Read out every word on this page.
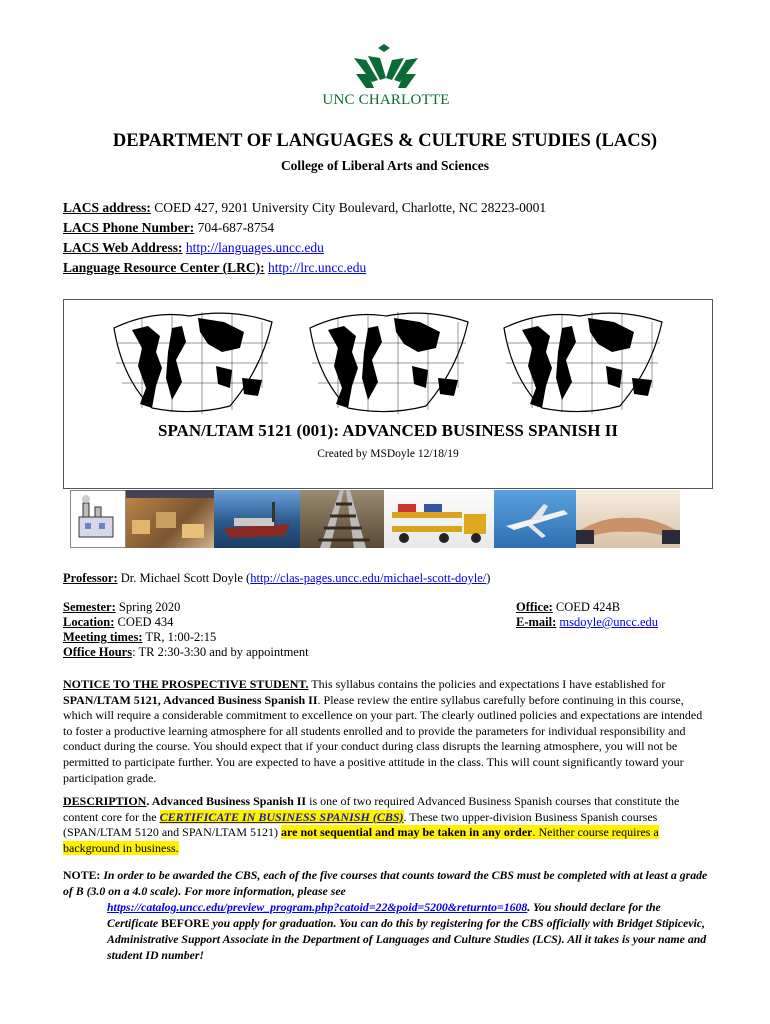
UNC CHARLOTTE
DEPARTMENT OF LANGUAGES & CULTURE STUDIES (LACS)
College of Liberal Arts and Sciences
LACS address: COED 427, 9201 University City Boulevard, Charlotte, NC 28223-0001
LACS Phone Number: 704-687-8754
LACS Web Address: http://languages.uncc.edu
Language Resource Center (LRC): http://lrc.uncc.edu
SPAN/LTAM 5121 (001): ADVANCED BUSINESS SPANISH II
Created by MSDoyle 12/18/19
Professor: Dr. Michael Scott Doyle (http://clas-pages.uncc.edu/michael-scott-doyle/)
Semester: Spring 2020
Location: COED 434
Meeting times: TR, 1:00-2:15
Office Hours: TR 2:30-3:30 and by appointment
Office: COED 424B
E-mail: msdoyle@uncc.edu
NOTICE TO THE PROSPECTIVE STUDENT. This syllabus contains the policies and expectations I have established for SPAN/LTAM 5121, Advanced Business Spanish II. Please review the entire syllabus carefully before continuing in this course, which will require a considerable commitment to excellence on your part. The clearly outlined policies and expectations are intended to foster a productive learning atmosphere for all students enrolled and to provide the parameters for individual responsibility and conduct during the course. You should expect that if your conduct during class disrupts the learning atmosphere, you will not be permitted to participate further. You are expected to have a positive attitude in the class. This will count significantly toward your participation grade.
DESCRIPTION. Advanced Business Spanish II is one of two required Advanced Business Spanish courses that constitute the content core for the CERTIFICATE IN BUSINESS SPANISH (CBS). These two upper-division Business Spanish courses (SPAN/LTAM 5120 and SPAN/LTAM 5121) are not sequential and may be taken in any order. Neither course requires a background in business.
NOTE: In order to be awarded the CBS, each of the five courses that counts toward the CBS must be completed with at least a grade of B (3.0 on a 4.0 scale). For more information, please see
https://catalog.uncc.edu/preview_program.php?catoid=22&poid=5200&returnto=1608. You should declare for the Certificate BEFORE you apply for graduation. You can do this by registering for the CBS officially with Bridget Stipicevic, Administrative Support Associate in the Department of Languages and Culture Studies (LCS). All it takes is your name and student ID number!
